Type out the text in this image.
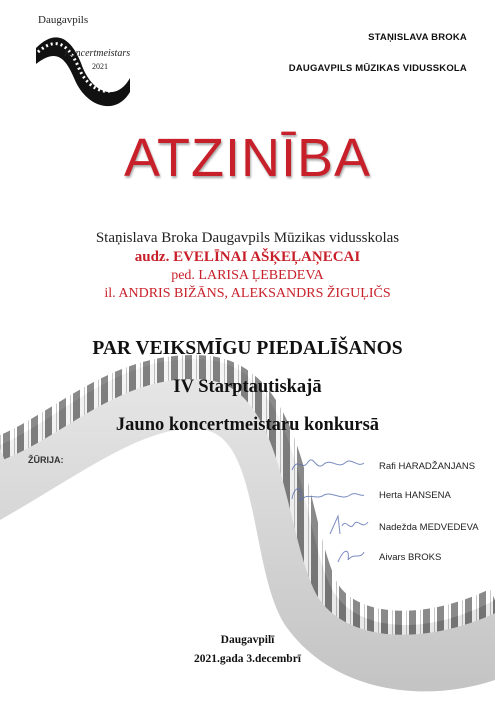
Daugavpils
Koncertmeistars
2021
STAŅISLAVA BROKA
DAUGAVPILS MŪZIKAS VIDUSSKOLA
ATZINĪBA
Staņislava Broka Daugavpils Mūzikas vidusskolas
audz. EVELĪNAI AŠĶEĻAŅECAI
ped. LARISA ĻEBEDEVA
il. ANDRIS BIŽĀNS, ALEKSANDRS ŽIGUĻIČS
PAR VEIKSMĪGU PIEDALĪŠANOS
IV Starptautiskajā
Jauno koncertmeistaru konkursā
ŽŪRIJA:
Rafi HARADŽANJANS
Herta HANSENA
Nadežda MEDVEDEVA
Aivars BROKS
Daugavpilī
2021.gada 3.decembrī
